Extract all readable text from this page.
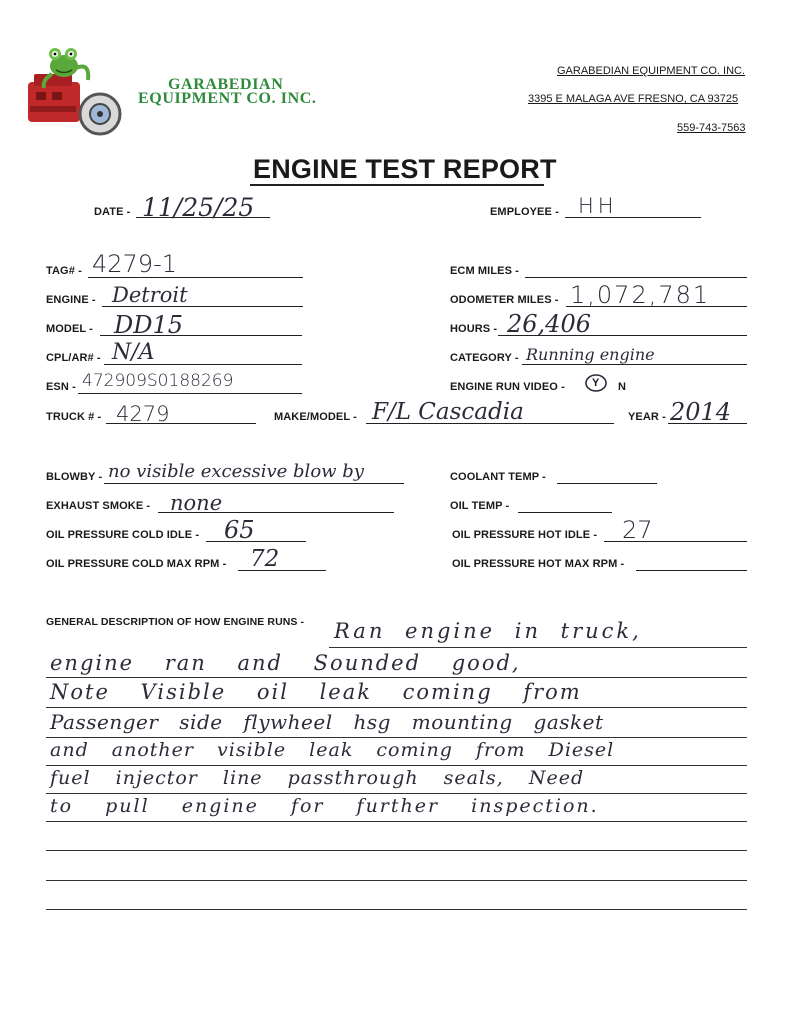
GARABEDIAN
EQUIPMENT CO. INC.
GARABEDIAN EQUIPMENT CO. INC.
3395 E MALAGA AVE FRESNO, CA 93725
559-743-7563
ENGINE TEST REPORT
DATE - 11/25/25	EMPLOYEE - HH
TAG# - 4279-1	ECM MILES -
ENGINE - Detroit	ODOMETER MILES - 1,072,781
MODEL - DD15	HOURS - 26,406
CPL/AR# - N/A	CATEGORY - Running engine
ESN - 472909S0188269	ENGINE RUN VIDEO - Y N
TRUCK # - 4279	MAKE/MODEL - F/L Cascadia	YEAR - 2014
BLOWBY - no visible excessive blow by	COOLANT TEMP -
EXHAUST SMOKE - none	OIL TEMP -
OIL PRESSURE COLD IDLE - 65	OIL PRESSURE HOT IDLE - 27
OIL PRESSURE COLD MAX RPM - 72	OIL PRESSURE HOT MAX RPM -
GENERAL DESCRIPTION OF HOW ENGINE RUNS - Ran engine in truck,
engine ran and Sounded good,
Note Visible oil leak coming from
Passenger side flywheel hsg mounting gasket
and another visible leak coming from Diesel
fuel injector line passthrough seals, Need
to pull engine for further inspection.
